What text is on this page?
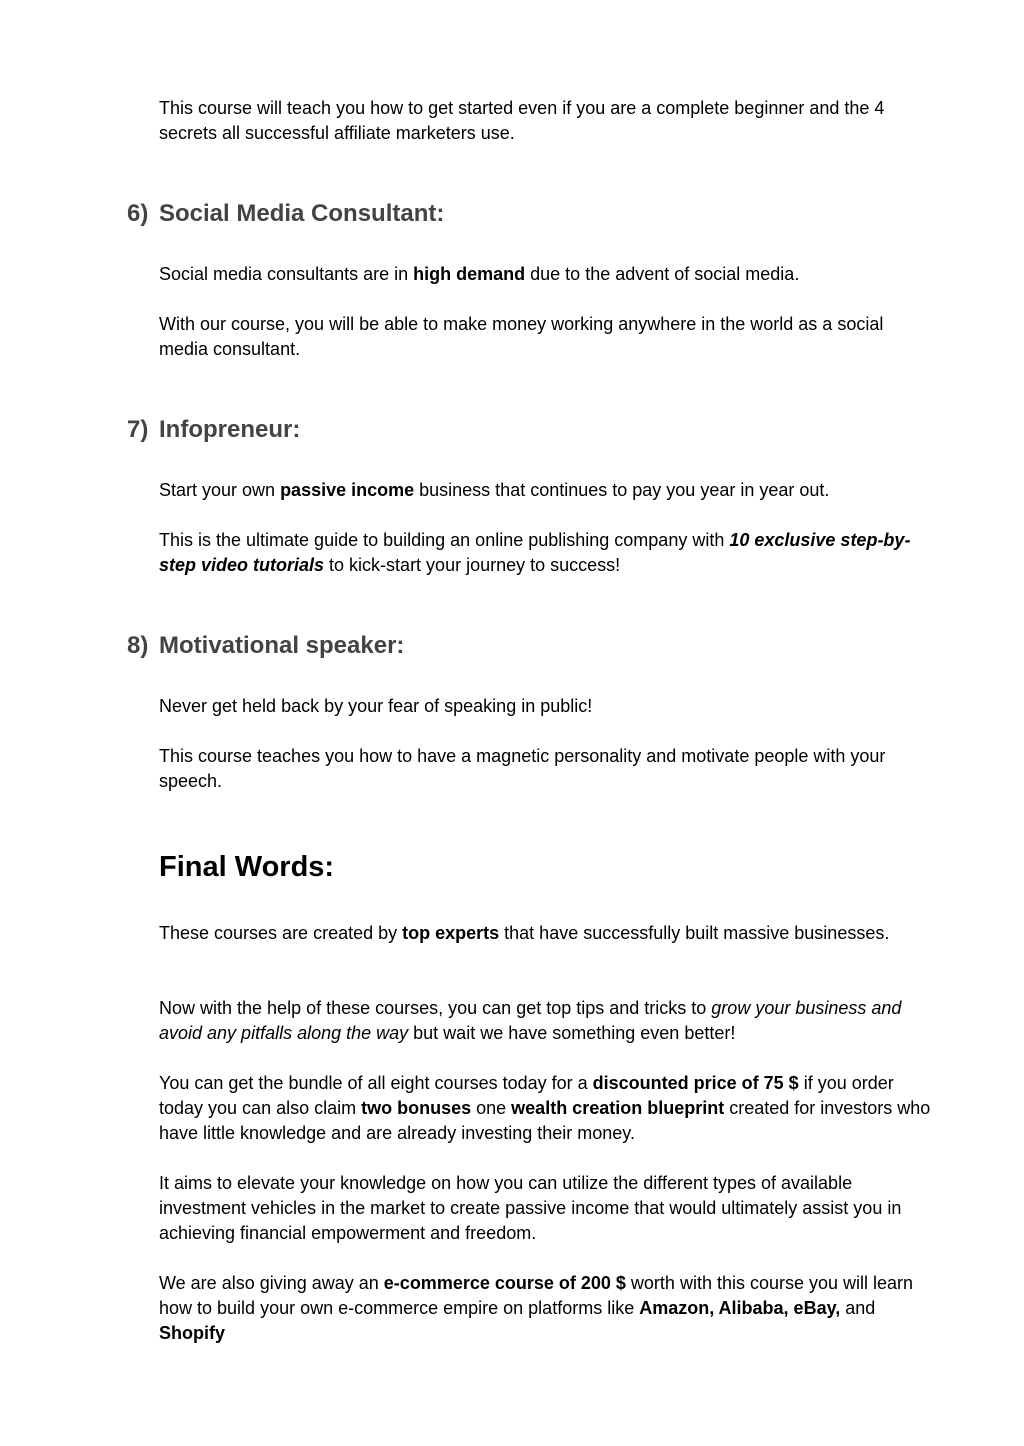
This course will teach you how to get started even if you are a complete beginner and the 4 secrets all successful affiliate marketers use.

6) Social Media Consultant:

Social media consultants are in high demand due to the advent of social media.

With our course, you will be able to make money working anywhere in the world as a social media consultant.

7) Infopreneur:

Start your own passive income business that continues to pay you year in year out.

This is the ultimate guide to building an online publishing company with 10 exclusive step-by-step video tutorials to kick-start your journey to success!

8) Motivational speaker:

Never get held back by your fear of speaking in public!

This course teaches you how to have a magnetic personality and motivate people with your speech.

Final Words:

These courses are created by top experts that have successfully built massive businesses.

Now with the help of these courses, you can get top tips and tricks to grow your business and avoid any pitfalls along the way but wait we have something even better!

You can get the bundle of all eight courses today for a discounted price of 75 $ if you order today you can also claim two bonuses one wealth creation blueprint created for investors who have little knowledge and are already investing their money.

It aims to elevate your knowledge on how you can utilize the different types of available investment vehicles in the market to create passive income that would ultimately assist you in achieving financial empowerment and freedom.

We are also giving away an e-commerce course of 200 $ worth with this course you will learn how to build your own e-commerce empire on platforms like Amazon, Alibaba, eBay, and Shopify
